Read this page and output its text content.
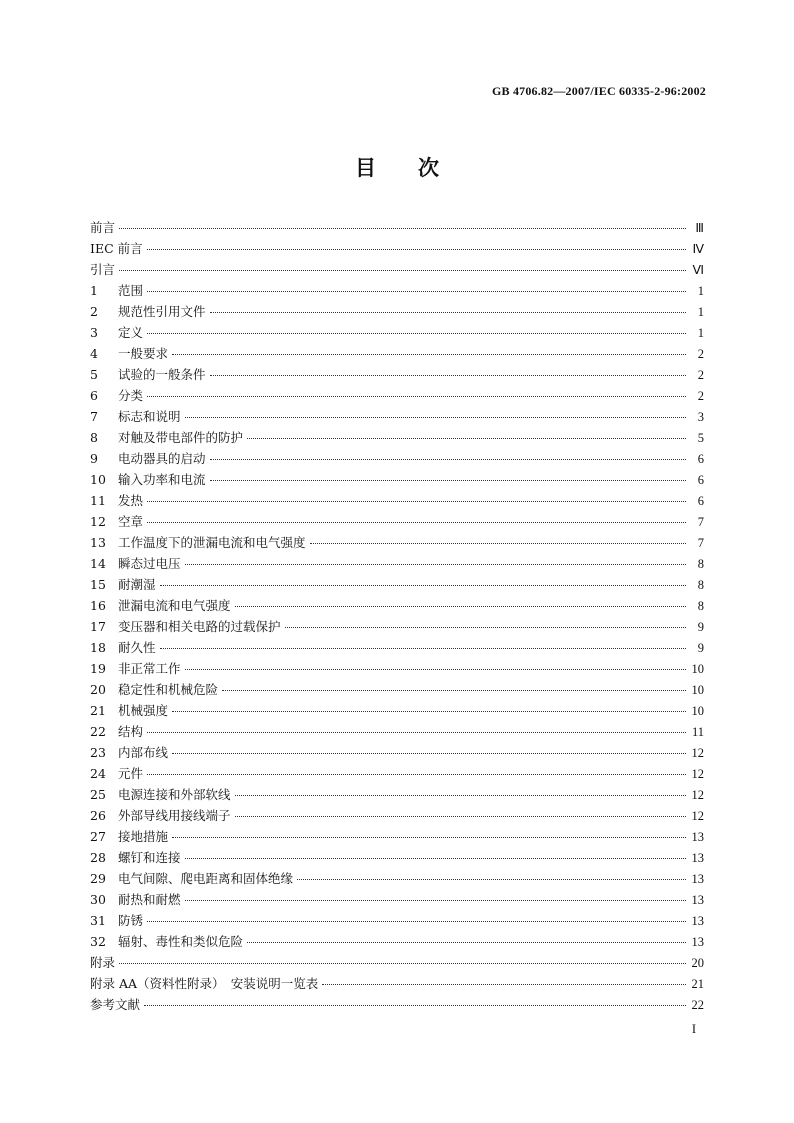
GB 4706.82—2007/IEC 60335-2-96:2002
目　　次
前言	Ⅲ
IEC 前言	Ⅳ
引言	Ⅵ
1	范围	1
2	规范性引用文件	1
3	定义	1
4	一般要求	2
5	试验的一般条件	2
6	分类	2
7	标志和说明	3
8	对触及带电部件的防护	5
9	电动器具的启动	6
10 输入功率和电流	6
11 发热	6
12 空章	7
13 工作温度下的泄漏电流和电气强度	7
14 瞬态过电压	8
15 耐潮湿	8
16 泄漏电流和电气强度	8
17 变压器和相关电路的过载保护	9
18 耐久性	9
19 非正常工作	10
20 稳定性和机械危险	10
21 机械强度	10
22 结构	11
23 内部布线	12
24 元件	12
25 电源连接和外部软线	12
26 外部导线用接线端子	12
27 接地措施	13
28 螺钉和连接	13
29 电气间隙、爬电距离和固体绝缘	13
30 耐热和耐燃	13
31 防锈	13
32 辐射、毒性和类似危险	13
附录	20
附录 AA（资料性附录）　安装说明一览表	21
参考文献	22
I
